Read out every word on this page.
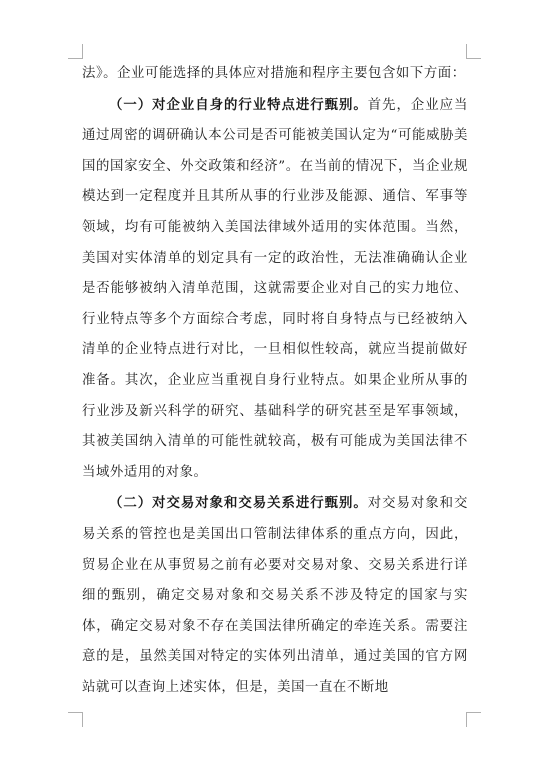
法》。企业可能选择的具体应对措施和程序主要包含如下方面：

（一）对企业自身的行业特点进行甄别。首先，企业应当通过周密的调研确认本公司是否可能被美国认定为“可能威胁美国的国家安全、外交政策和经济”。在当前的情况下，当企业规模达到一定程度并且其所从事的行业涉及能源、通信、军事等领域，均有可能被纳入美国法律域外适用的实体范围。当然，美国对实体清单的划定具有一定的政治性，无法准确确认企业是否能够被纳入清单范围，这就需要企业对自己的实力地位、行业特点等多个方面综合考虑，同时将自身特点与已经被纳入清单的企业特点进行对比，一旦相似性较高，就应当提前做好准备。其次，企业应当重视自身行业特点。如果企业所从事的行业涉及新兴科学的研究、基础科学的研究甚至是军事领域，其被美国纳入清单的可能性就较高，极有可能成为美国法律不当域外适用的对象。

（二）对交易对象和交易关系进行甄别。对交易对象和交易关系的管控也是美国出口管制法律体系的重点方向，因此，贸易企业在从事贸易之前有必要对交易对象、交易关系进行详细的甄别，确定交易对象和交易关系不涉及特定的国家与实体，确定交易对象不存在美国法律所确定的牵连关系。需要注意的是，虽然美国对特定的实体列出清单，通过美国的官方网站就可以查询上述实体，但是，美国一直在不断地
